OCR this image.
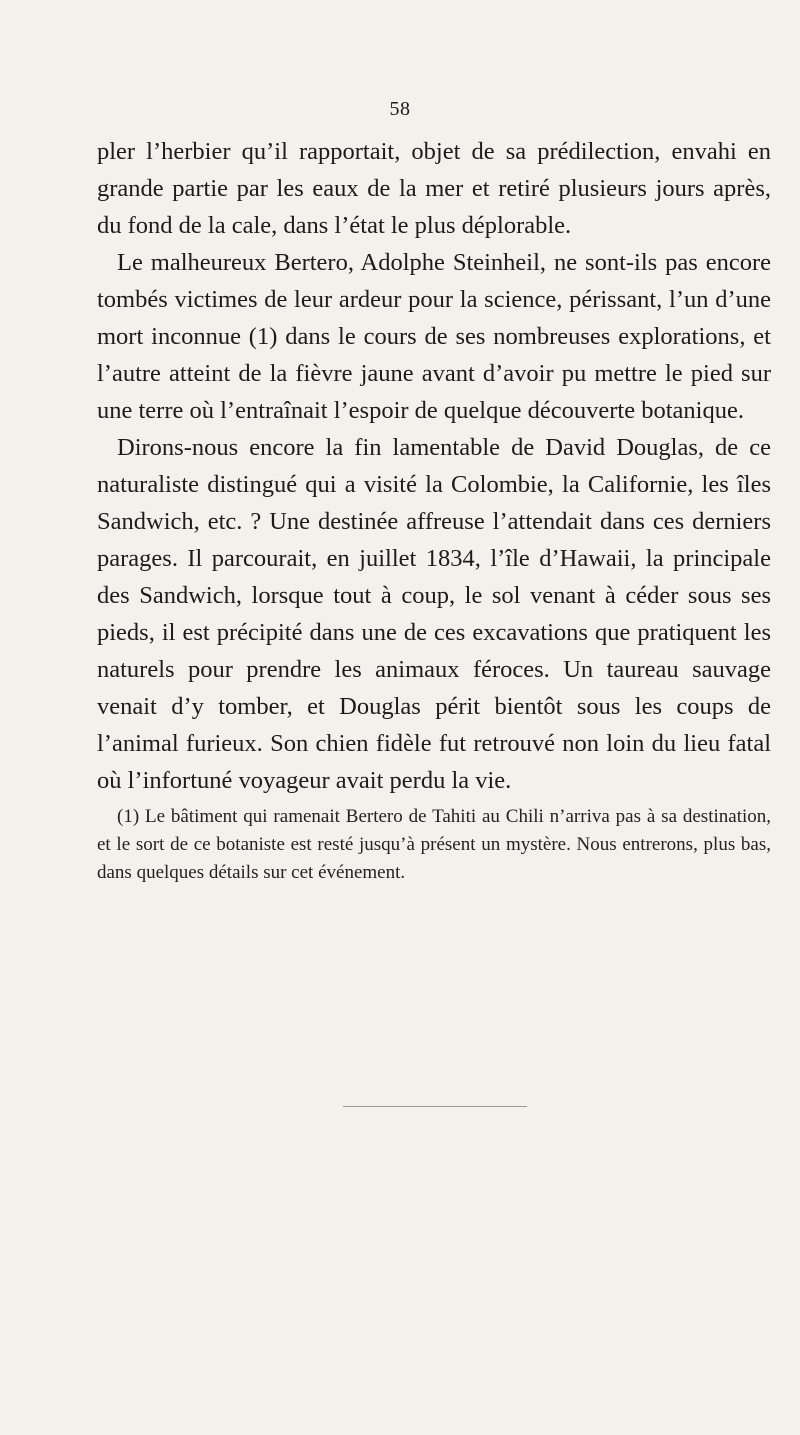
58

pler l’herbier qu’il rapportait, objet de sa prédilection, envahi en grande partie par les eaux de la mer et retiré plusieurs jours après, du fond de la cale, dans l’état le plus déplorable.

Le malheureux Bertero, Adolphe Steinheil, ne sont-ils pas encore tombés victimes de leur ardeur pour la science, périssant, l’un d’une mort inconnue (1) dans le cours de ses nombreuses explorations, et l’autre atteint de la fièvre jaune avant d’avoir pu mettre le pied sur une terre où l’entraînait l’espoir de quelque découverte botanique.

Dirons-nous encore la fin lamentable de David Douglas, de ce naturaliste distingué qui a visité la Colombie, la Californie, les îles Sandwich, etc. ? Une destinée affreuse l’attendait dans ces derniers parages. Il parcourait, en juillet 1834, l’île d’Hawaii, la principale des Sandwich, lorsque tout à coup, le sol venant à céder sous ses pieds, il est précipité dans une de ces excavations que pratiquent les naturels pour prendre les animaux féroces. Un taureau sauvage venait d’y tomber, et Douglas périt bientôt sous les coups de l’animal furieux. Son chien fidèle fut retrouvé non loin du lieu fatal où l’infortuné voyageur avait perdu la vie.

(1) Le bâtiment qui ramenait Bertero de Tahiti au Chili n’arriva pas à sa destination, et le sort de ce botaniste est resté jusqu’à présent un mystère. Nous entrerons, plus bas, dans quelques détails sur cet événement.
